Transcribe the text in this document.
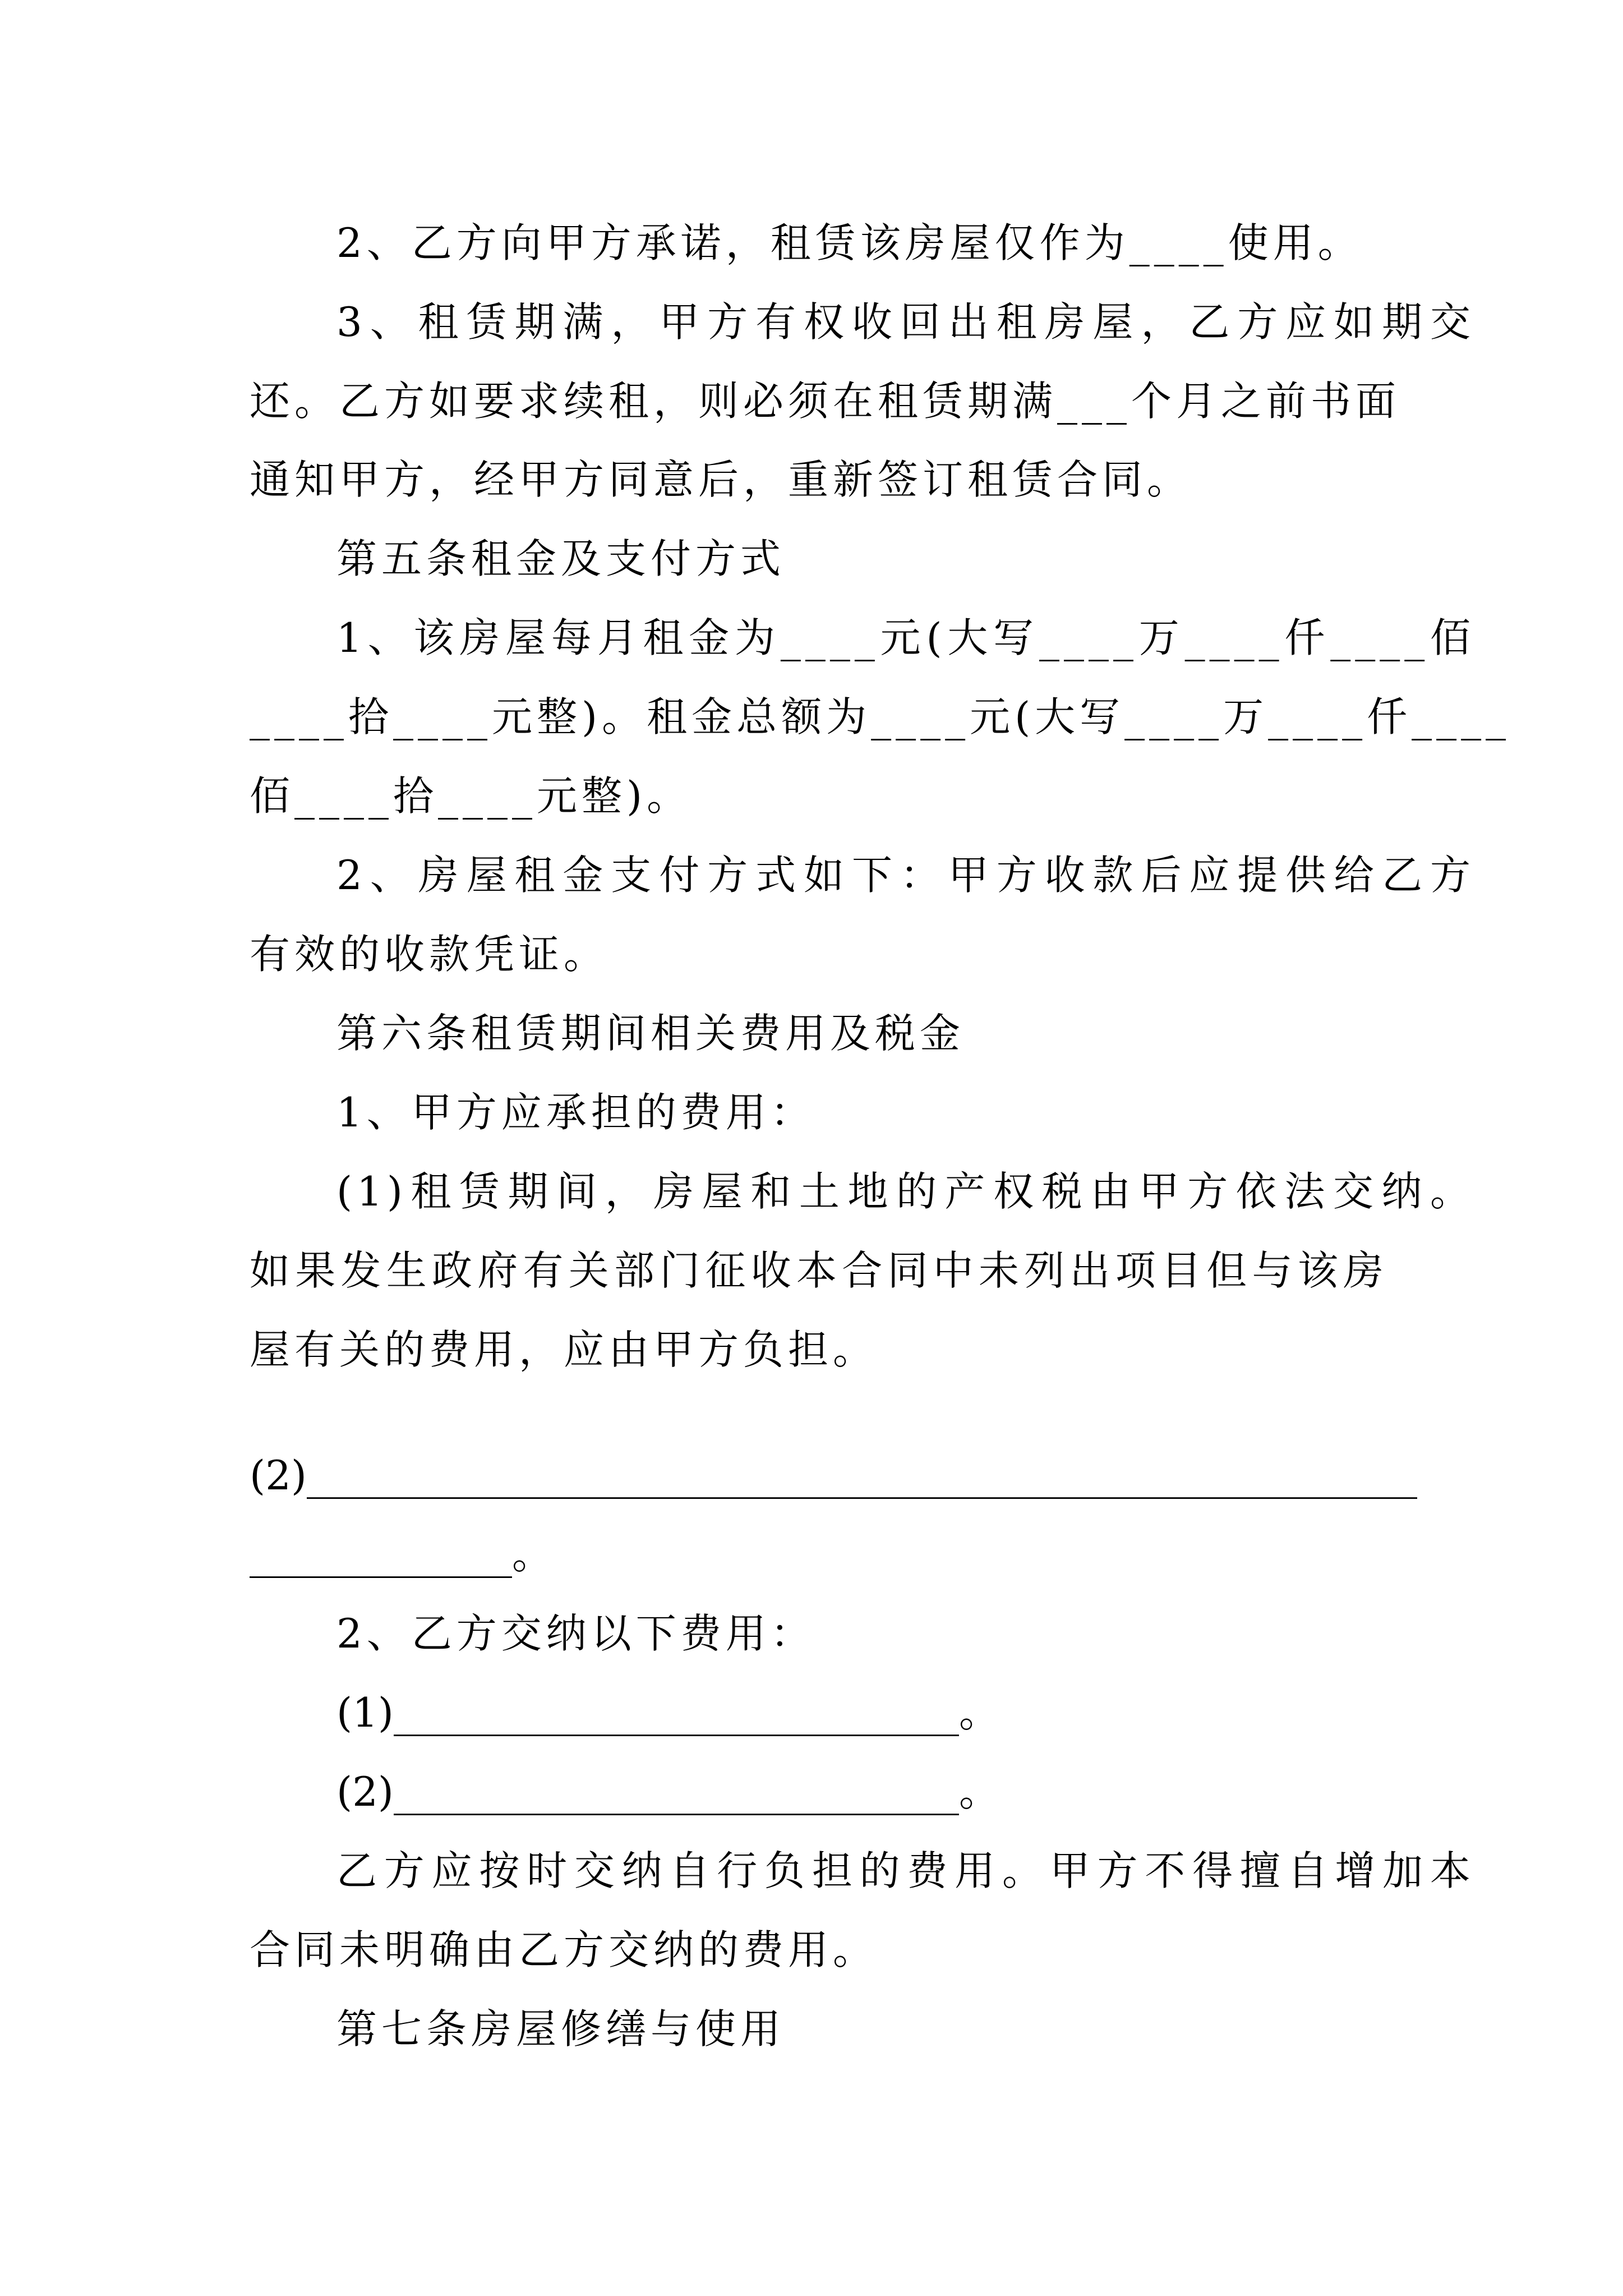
2、乙方向甲方承诺，租赁该房屋仅作为____使用。
3、租赁期满，甲方有权收回出租房屋，乙方应如期交
还。乙方如要求续租，则必须在租赁期满___个月之前书面
通知甲方，经甲方同意后，重新签订租赁合同。
第五条租金及支付方式
1、该房屋每月租金为____元(大写____万____仟____佰
____拾____元整)。租金总额为____元(大写____万____仟____
佰____拾____元整)。
2、房屋租金支付方式如下：甲方收款后应提供给乙方
有效的收款凭证。
第六条租赁期间相关费用及税金
1、甲方应承担的费用：
(1)租赁期间，房屋和土地的产权税由甲方依法交纳。
如果发生政府有关部门征收本合同中未列出项目但与该房
屋有关的费用，应由甲方负担。
(2)_______________________________________________________
_____________。
2、乙方交纳以下费用：
(1)____________________________。
(2)____________________________。
乙方应按时交纳自行负担的费用。甲方不得擅自增加本
合同未明确由乙方交纳的费用。
第七条房屋修缮与使用
